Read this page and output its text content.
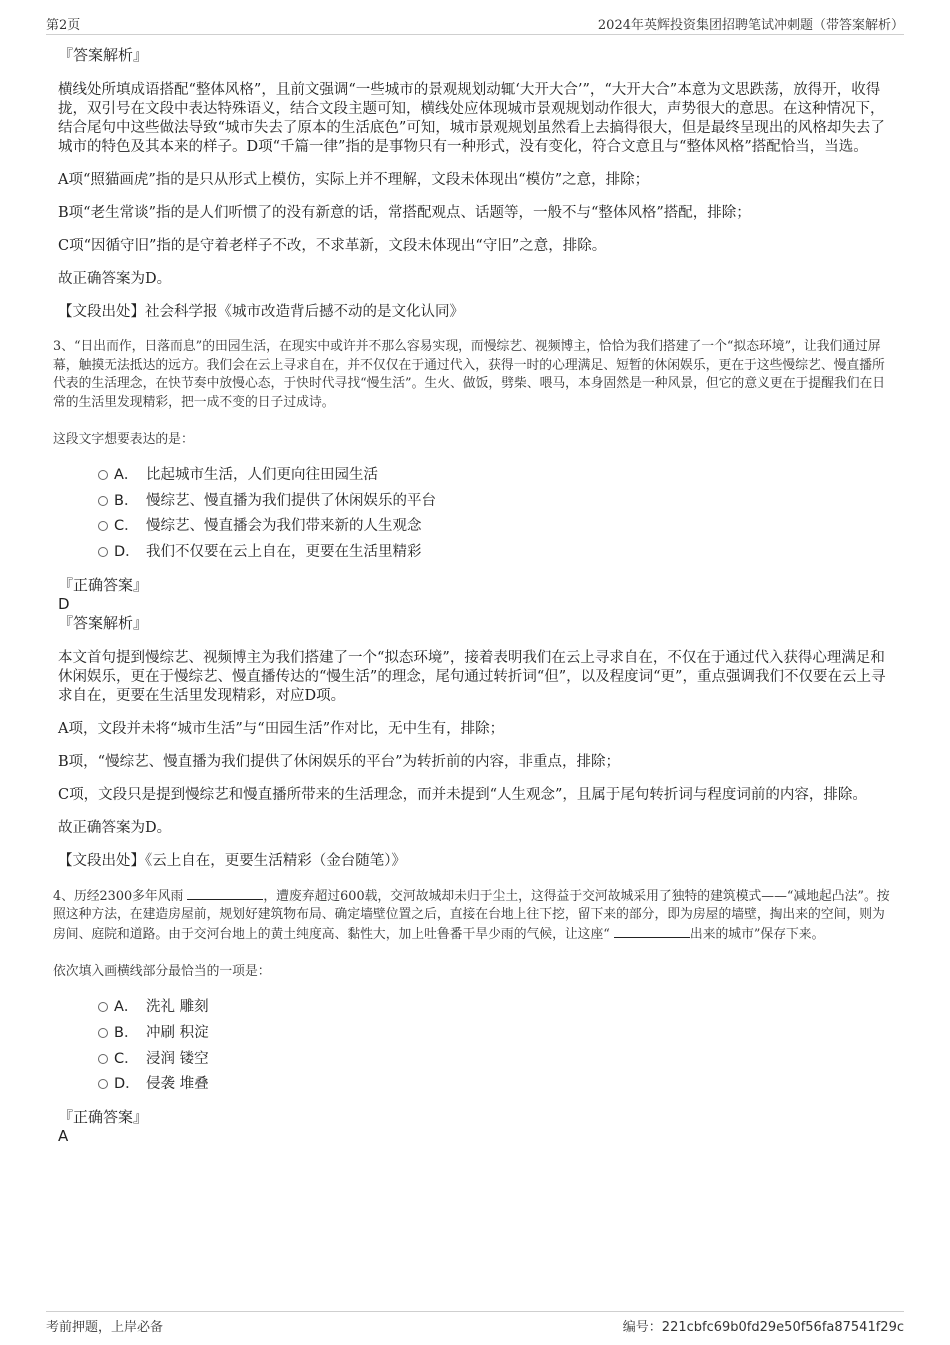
第2页	2024年英辉投资集团招聘笔试冲刺题（带答案解析）
『答案解析』
横线处所填成语搭配“整体风格”，且前文强调“一些城市的景观规划动辄‘大开大合’”，“大开大合”本意为文思跌荡，放得开，收得拢，双引号在文段中表达特殊语义，结合文段主题可知，横线处应体现城市景观规划动作很大，声势很大的意思。在这种情况下，结合尾句中这些做法导致“城市失去了原本的生活底色”可知，城市景观规划虽然看上去搞得很大，但是最终呈现出的风格却失去了城市的特色及其本来的样子。D项“千篇一律”指的是事物只有一种形式，没有变化，符合文意且与“整体风格”搭配恰当，当选。
A项“照猫画虎”指的是只从形式上模仿，实际上并不理解，文段未体现出“模仿”之意，排除；
B项“老生常谈”指的是人们听惯了的没有新意的话，常搭配观点、话题等，一般不与“整体风格”搭配，排除；
C项“因循守旧”指的是守着老样子不改，不求革新，文段未体现出“守旧”之意，排除。
故正确答案为D。
【文段出处】社会科学报《城市改造背后撼不动的是文化认同》
3、“日出而作，日落而息”的田园生活，在现实中或许并不那么容易实现，而慢综艺、视频博主，恰恰为我们搭建了一个“拟态环境”，让我们通过屏幕，触摸无法抵达的远方。我们会在云上寻求自在，并不仅仅在于通过代入，获得一时的心理满足、短暂的休闲娱乐，更在于这些慢综艺、慢直播所代表的生活理念，在快节奏中放慢心态，于快时代寻找“慢生活”。生火、做饭，劈柴、喂马，本身固然是一种风景，但它的意义更在于提醒我们在日常的生活里发现精彩，把一成不变的日子过成诗。
这段文字想要表达的是：
A． 比起城市生活，人们更向往田园生活
B． 慢综艺、慢直播为我们提供了休闲娱乐的平台
C． 慢综艺、慢直播会为我们带来新的人生观念
D． 我们不仅要在云上自在，更要在生活里精彩
『正确答案』
D
『答案解析』
本文首句提到慢综艺、视频博主为我们搭建了一个“拟态环境”，接着表明我们在云上寻求自在，不仅在于通过代入获得心理满足和休闲娱乐，更在于慢综艺、慢直播传达的“慢生活”的理念，尾句通过转折词“但”，以及程度词“更”，重点强调我们不仅要在云上寻求自在，更要在生活里发现精彩，对应D项。
A项，文段并未将“城市生活”与“田园生活”作对比，无中生有，排除；
B项，“慢综艺、慢直播为我们提供了休闲娱乐的平台”为转折前的内容，非重点，排除；
C项，文段只是提到慢综艺和慢直播所带来的生活理念，而并未提到“人生观念”，且属于尾句转折词与程度词前的内容，排除。
故正确答案为D。
【文段出处】《云上自在，更要生活精彩（金台随笔）》
4、历经2300多年风雨	，遭废弃超过600载，交河故城却未归于尘土，这得益于交河故城采用了独特的建筑模式——“减地起凸法”。按照这种方法，在建造房屋前，规划好建筑物布局、确定墙壁位置之后，直接在台地上往下挖，留下来的部分，即为房屋的墙壁，掏出来的空间，则为房间、庭院和道路。由于交河台地上的黄土纯度高、黏性大，加上吐鲁番干旱少雨的气候，让这座“	出来的城市”保存下来。
依次填入画横线部分最恰当的一项是：
A． 洗礼 雕刻
B． 冲刷 积淀
C． 浸润 镂空
D． 侵袭 堆叠
『正确答案』
A
考前押题，上岸必备	编号：221cbfc69b0fd29e50f56fa87541f29c
